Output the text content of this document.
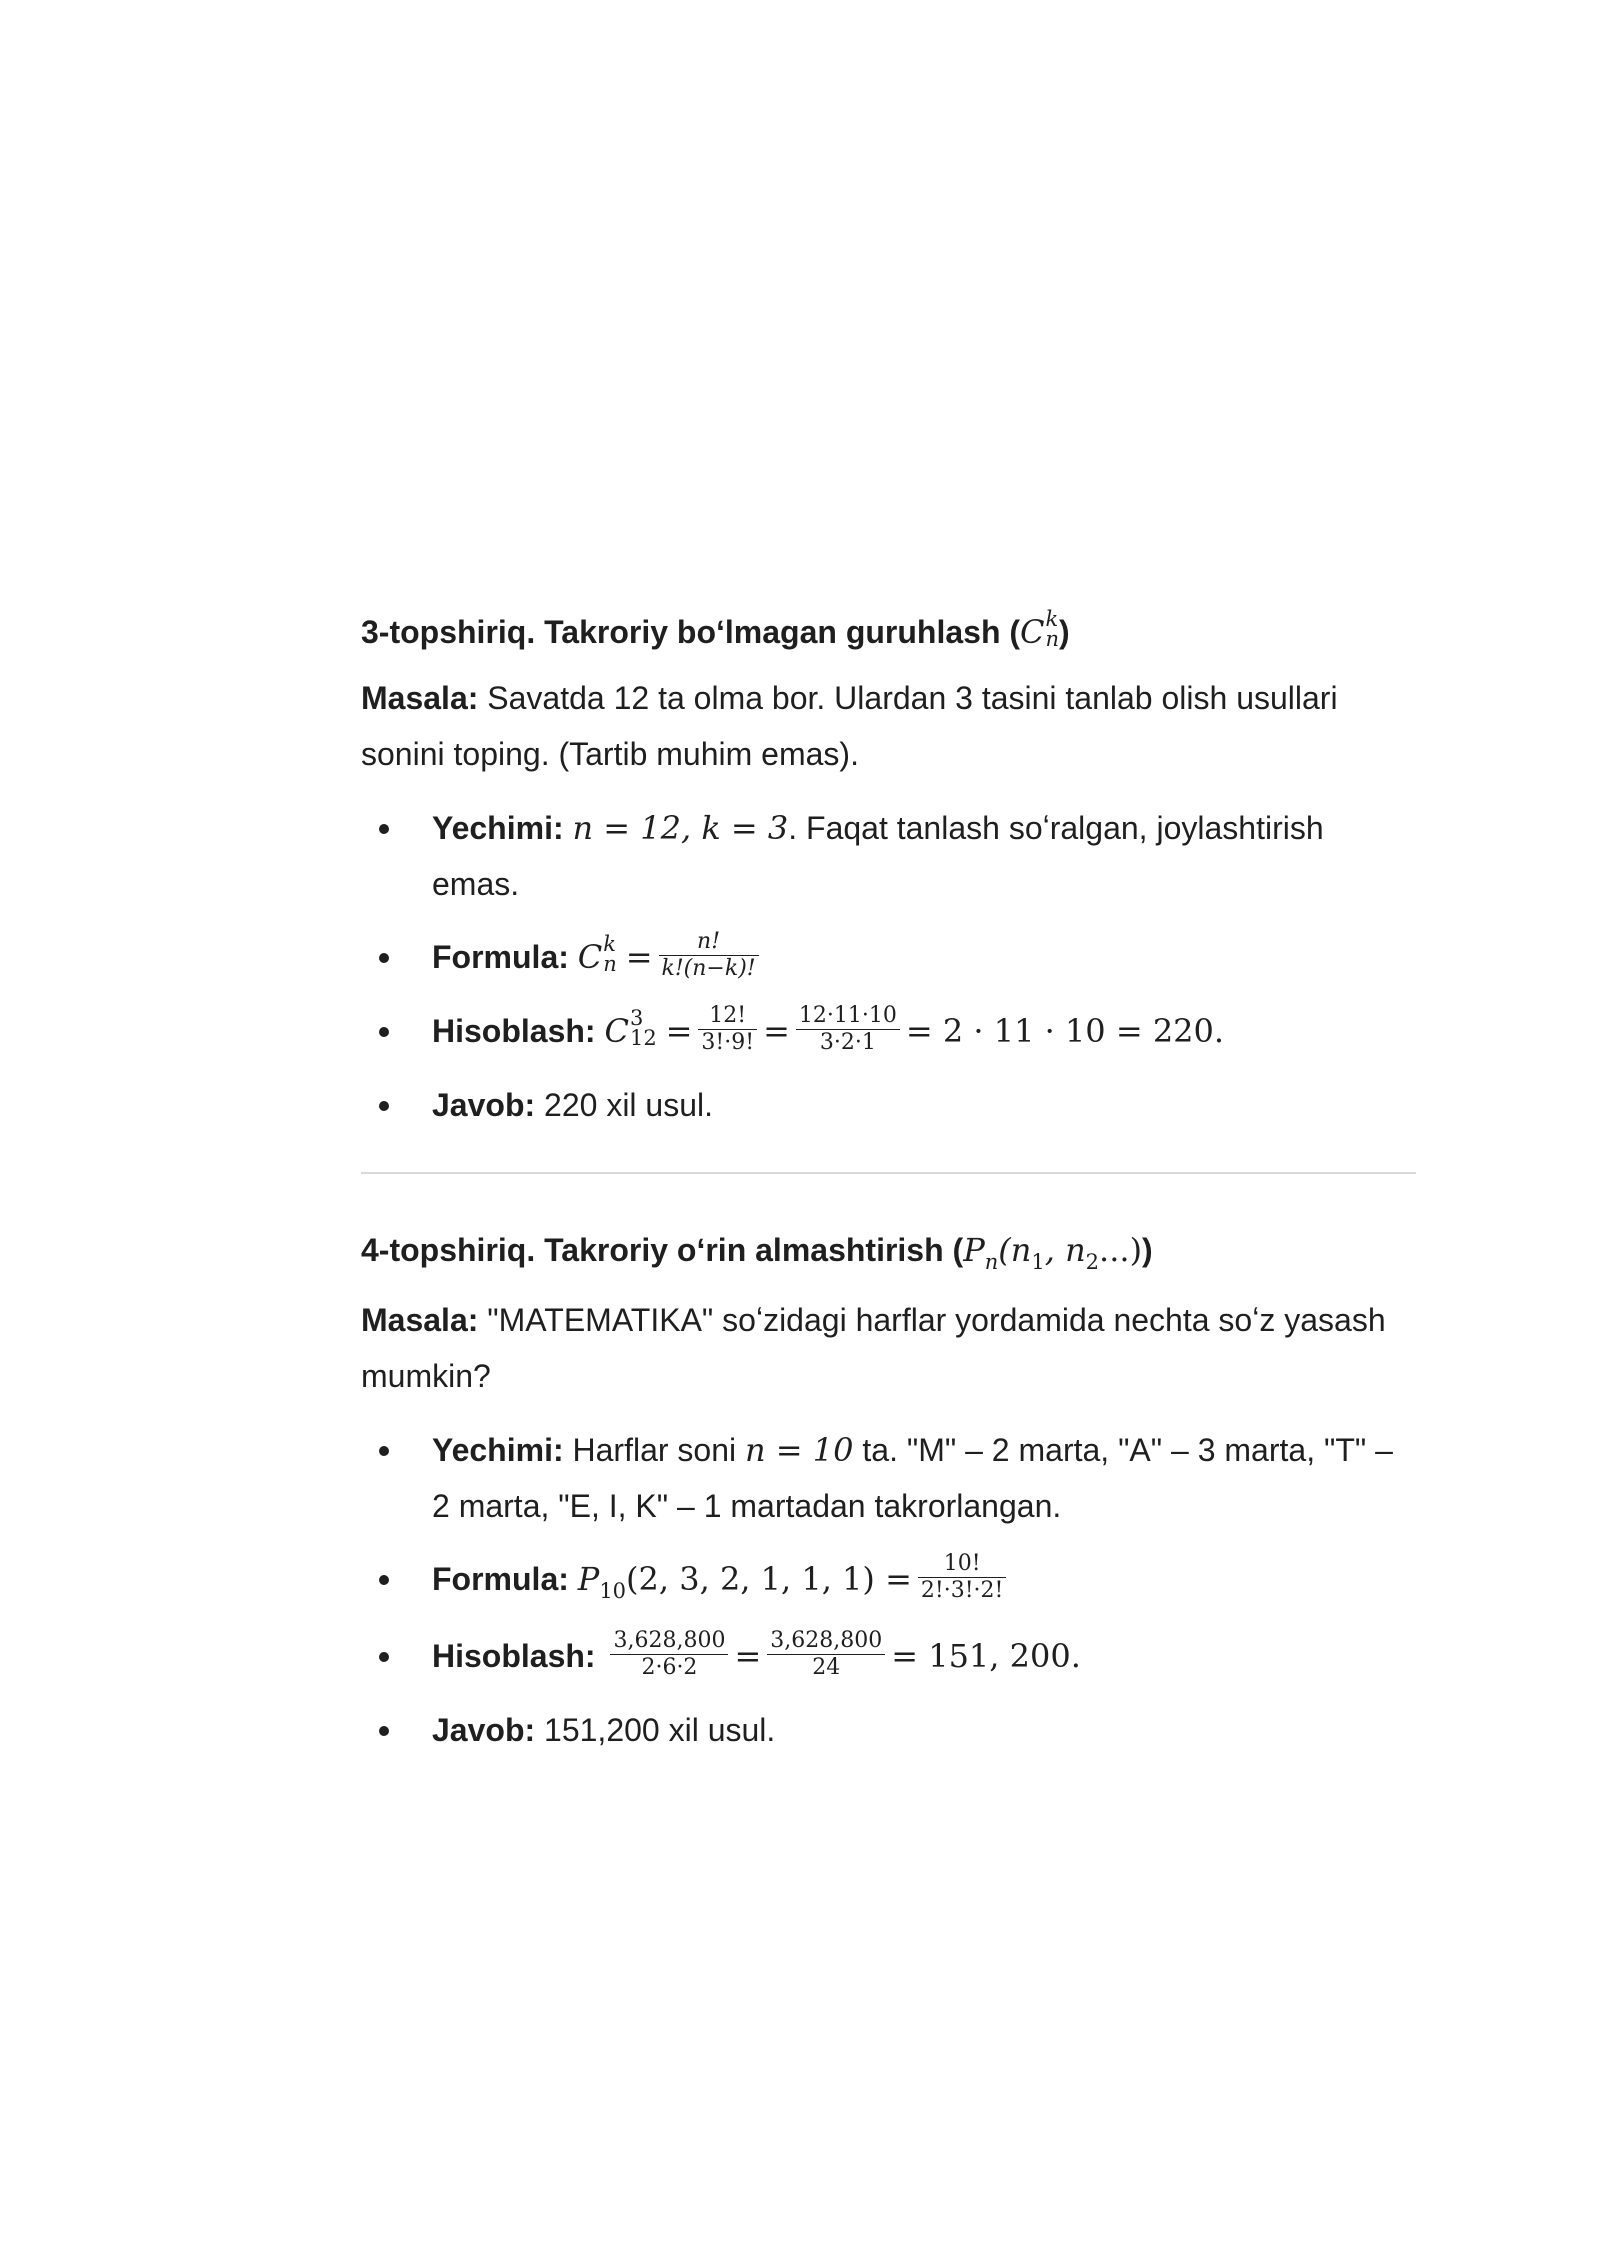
3-topshiriq. Takroriy boʻlmagan guruhlash (C k
n )

Masala: Savatda 12 ta olma bor. Ulardan 3 tasini tanlab olish usullari sonini toping. (Tartib muhim emas).

Yechimi: n = 12, k = 3. Faqat tanlash soʻralgan, joylashtirish emas.
Formula: C k
$n = \frac{n!}{k!(n-k)!}$
Hisoblash: C 3
$12 = \frac{12!}{3!\cdot 9!} = \frac{12\cdot 11\cdot 10}{3\cdot 2\cdot 1} = 2 \cdot 11 \cdot 10 = 220$.
Javob: 220 xil usul.
4-topshiriq. Takroriy oʻrin almashtirish ($P_n(n_1$, $n_2$...))

Masala: "MATEMATIKA" soʻzidagi harflar yordamida nechta soʻz yasash mumkin?

Yechimi: Harflar soni n = 10 ta. "M" – 2 marta, "A" – 3 marta, "T" – 2 marta, "E, I, K" – 1 martadan takrorlangan.
Formula: $P_{10}(2$, 3, 2, 1, 1, $1) = \frac{10!}{2!\cdot 3!\cdot 2!}$
Hisoblash: $\frac{3,628,800}{2\cdot 6\cdot 2} = \frac{3,628,800}{24} = 151$, 200.
Javob: 151,200 xil usul.
